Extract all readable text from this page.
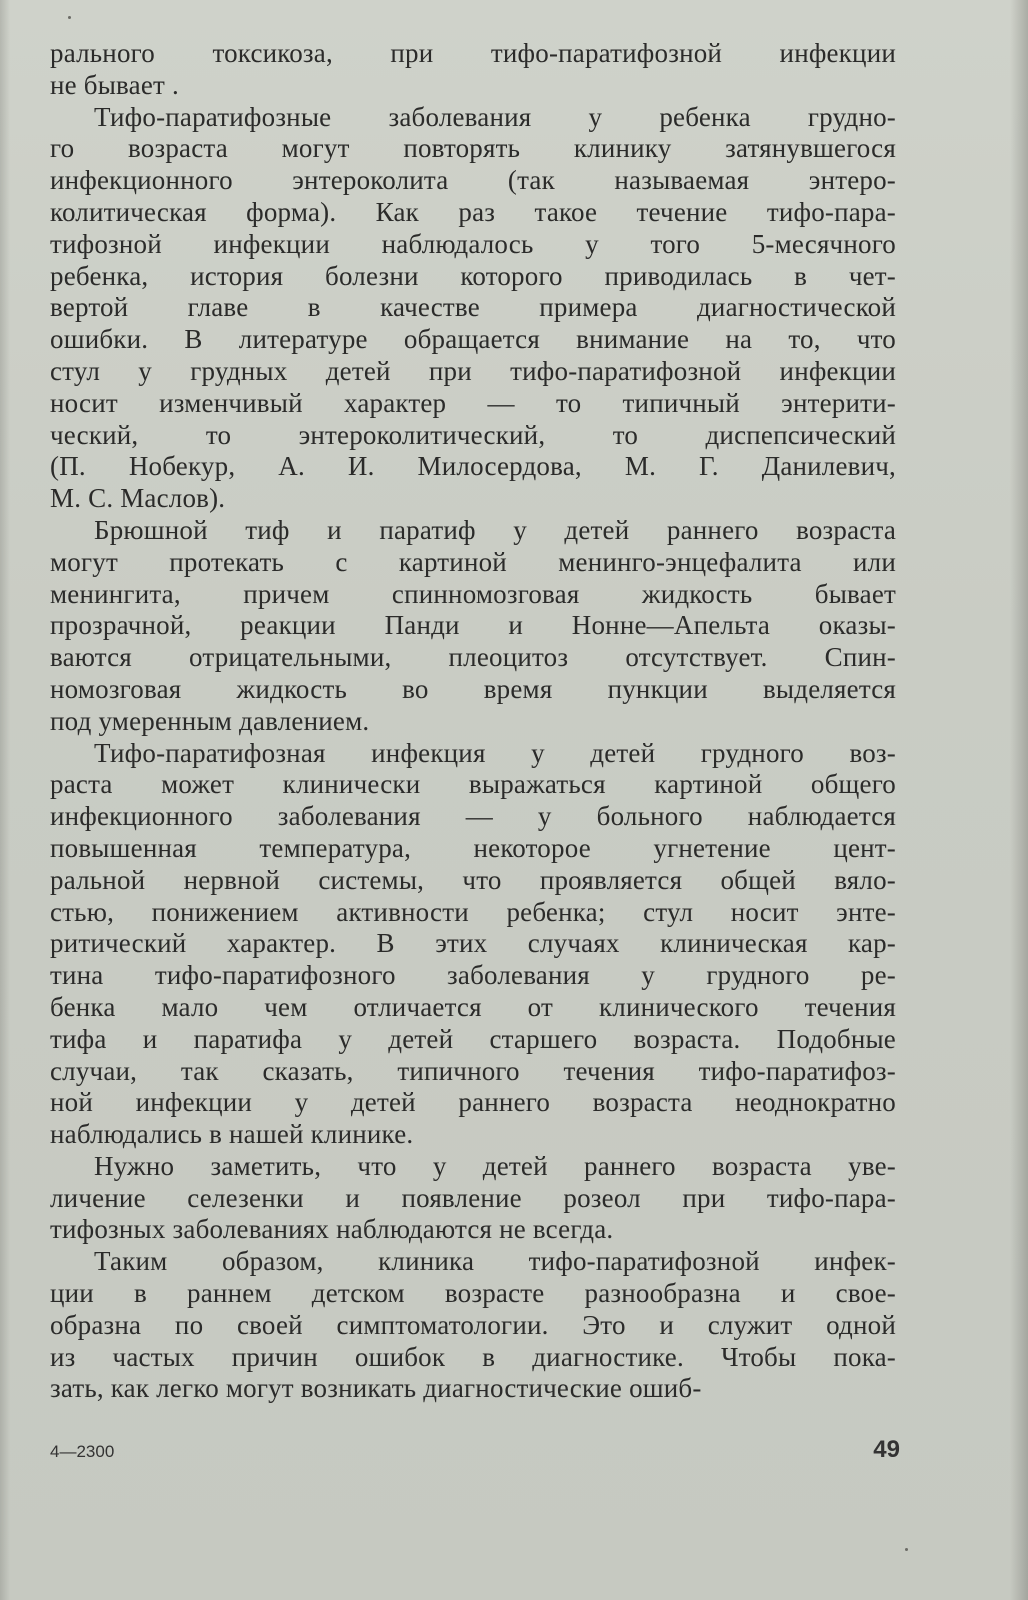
рального токсикоза, при тифо-паратифозной инфекции
не бывает .
Тифо-паратифозные заболевания у ребенка грудно-
го возраста могут повторять клинику затянувшегося
инфекционного энтероколита (так называемая энтеро-
колитическая форма). Как раз такое течение тифо-пара-
тифозной инфекции наблюдалось у того 5-месячного
ребенка, история болезни которого приводилась в чет-
вертой главе в качестве примера диагностической
ошибки. В литературе обращается внимание на то, что
стул у грудных детей при тифо-паратифозной инфекции
носит изменчивый характер — то типичный энтерити-
ческий, то энтероколитический, то диспепсический
(П. Нобекур, А. И. Милосердова, М. Г. Данилевич,
М. С. Маслов).
Брюшной тиф и паратиф у детей раннего возраста
могут протекать с картиной менинго-энцефалита или
менингита, причем спинномозговая жидкость бывает
прозрачной, реакции Панди и Нонне—Апельта оказы-
ваются отрицательными, плеоцитоз отсутствует. Спин-
номозговая жидкость во время пункции выделяется
под умеренным давлением.
Тифо-паратифозная инфекция у детей грудного воз-
раста может клинически выражаться картиной общего
инфекционного заболевания — у больного наблюдается
повышенная температура, некоторое угнетение цент-
ральной нервной системы, что проявляется общей вяло-
стью, понижением активности ребенка; стул носит энте-
ритический характер. В этих случаях клиническая кар-
тина тифо-паратифозного заболевания у грудного ре-
бенка мало чем отличается от клинического течения
тифа и паратифа у детей старшего возраста. Подобные
случаи, так сказать, типичного течения тифо-паратифоз-
ной инфекции у детей раннего возраста неоднократно
наблюдались в нашей клинике.
Нужно заметить, что у детей раннего возраста уве-
личение селезенки и появление розеол при тифо-пара-
тифозных заболеваниях наблюдаются не всегда.
Таким образом, клиника тифо-паратифозной инфек-
ции в раннем детском возрасте разнообразна и свое-
образна по своей симптоматологии. Это и служит одной
из частых причин ошибок в диагностике. Чтобы пока-
зать, как легко могут возникать диагностические ошиб-
4—2300	49
